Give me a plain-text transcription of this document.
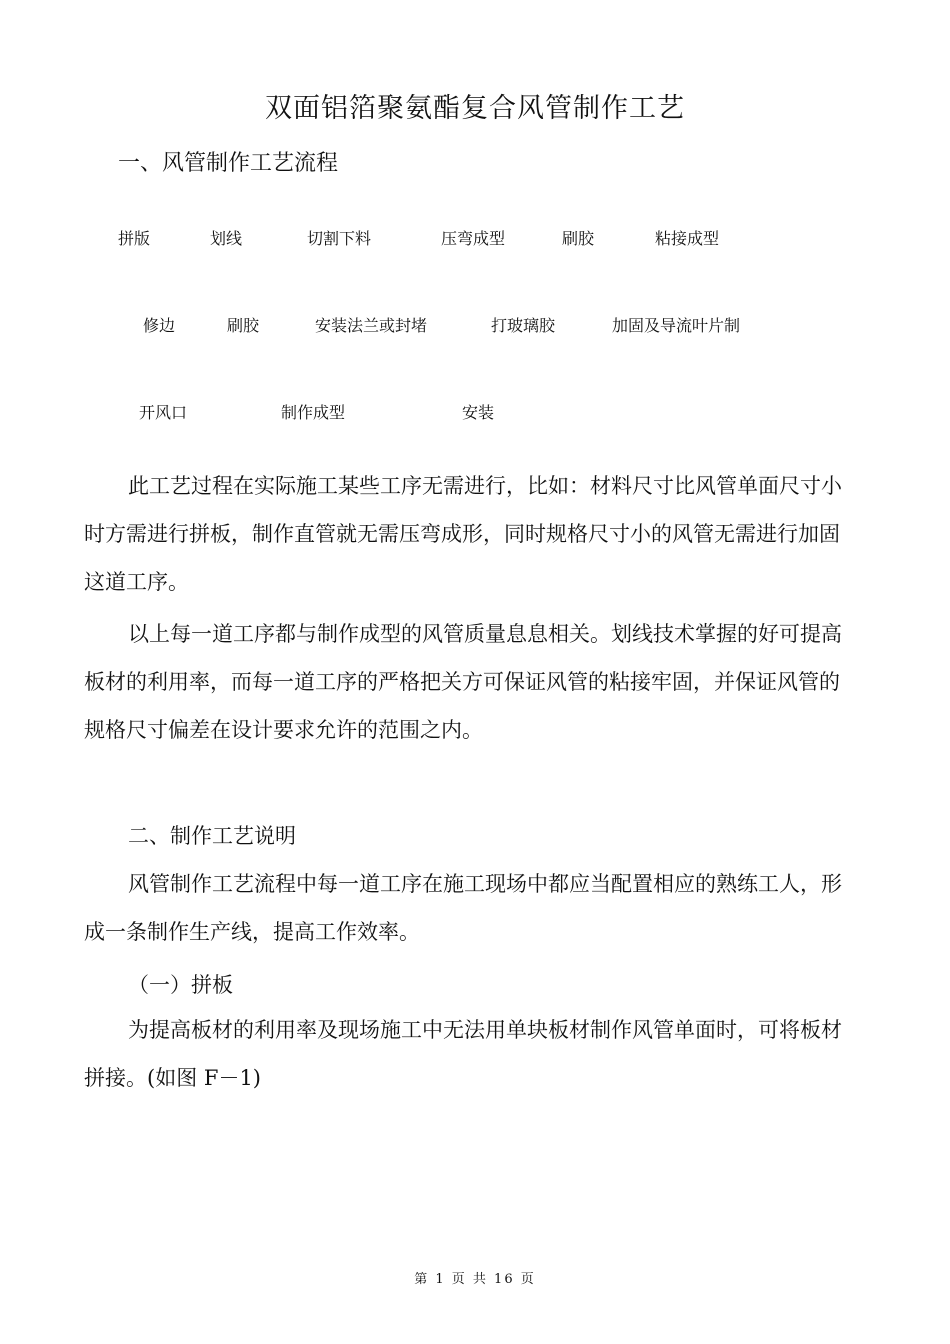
双面铝箔聚氨酯复合风管制作工艺
一、风管制作工艺流程
拼版	划线	切割下料	压弯成型	刷胶	粘接成型
修边	刷胶	安装法兰或封堵	打玻璃胶	加固及导流叶片制
开风口	制作成型	安装
此工艺过程在实际施工某些工序无需进行，比如：材料尺寸比风管单面尺寸小
时方需进行拼板，制作直管就无需压弯成形，同时规格尺寸小的风管无需进行加固
这道工序。
以上每一道工序都与制作成型的风管质量息息相关。划线技术掌握的好可提高
板材的利用率，而每一道工序的严格把关方可保证风管的粘接牢固，并保证风管的
规格尺寸偏差在设计要求允许的范围之内。
二、制作工艺说明
风管制作工艺流程中每一道工序在施工现场中都应当配置相应的熟练工人，形
成一条制作生产线，提高工作效率。
（一）拼板
为提高板材的利用率及现场施工中无法用单块板材制作风管单面时，可将板材
拼接。(如图 F－1)
第 1 页 共 16 页
